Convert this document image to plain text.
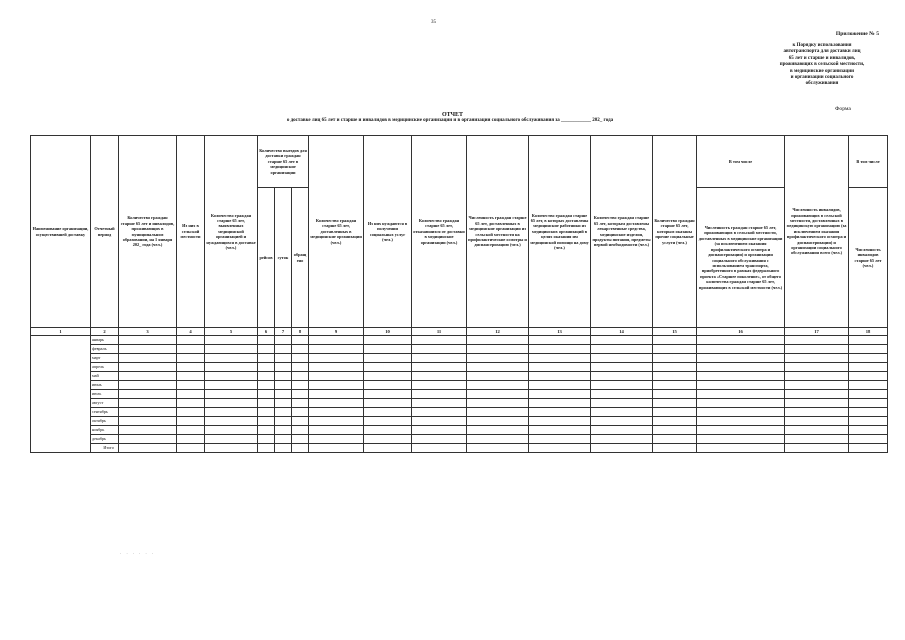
35
Приложение № 5
к Порядку использования
автотранспорта для доставки лиц
65 лет и старше и инвалидов,
проживающих в сельской местности,
в медицинские организации
и организации социального
обслуживания
Форма
ОТЧЕТ
о доставке лиц 65 лет и старше и инвалидов в медицинские организации и в организации социального обслуживания за ____________ 202_ года
Наименование организации, осуществившей доставку	Отчетный период	Количество граждан старше 65 лет и инвалидов, проживающих в муниципальном образовании, на 1 января 202_ года (чел.)	Из них в сельской местности	Количество граждан старше 65 лет, выявленных медицинской организацией и нуждающихся в доставке (чел.)	Количество выездов для доставки граждан старше 65 лет в медицинские организации			Количество граждан старше 65 лет, доставленных в медицинские организации (чел.)	Из них нуждаются в получении социальных услуг (чел.)	Количество граждан старше 65 лет, отказавшихся от доставки в медицинские организации (чел.)	Численность граждан старше 65 лет, доставленных в медицинские организации из сельской местности на профилактические осмотры и диспансеризацию (чел.)	Количество граждан старше 65 лет, в которых доставлены медицинские работники из медицинских организаций в целях оказания им медицинской помощи на дому (чел.)	Количество граждан старше 65 лет, которым доставлены лекарственные средства, медицинские изделия, продукты питания, предметы первой необходимости (чел.)	Количество граждан старше 65 лет, которым оказаны прочие социальные услуги (чел.)	В том числе	Численность инвалидов, проживающих в сельской местности, доставленных в медицинскую организацию (за исключением оказания профилактического осмотра и диспансеризации) и организации социального обслуживания всего (чел.)	В том числе
					рейсов	суток	обращено								Численность граждан старше 65 лет, проживающих в сельской местности, доставленных в медицинские организации (за исключением оказания профилактического осмотра и диспансеризации) и организации социального обслуживания с использованием транспорта, приобретенного в рамках федерального проекта «Старшее поколение», от общего количества граждан старше 65 лет, проживающих в сельской местности (чел.)		Численность инвалидов старше 65 лет (чел.)
1	2	3	4	5	6	7	8	9	10	11	12	13	14	15	16	17	18
	январь																
	февраль																
	март																
	апрель																
	май																
	июнь																
	июль																
	август																
	сентябрь																
	октябрь																
	ноябрь																
	декабрь																
	Итого																
· · · · · ·
